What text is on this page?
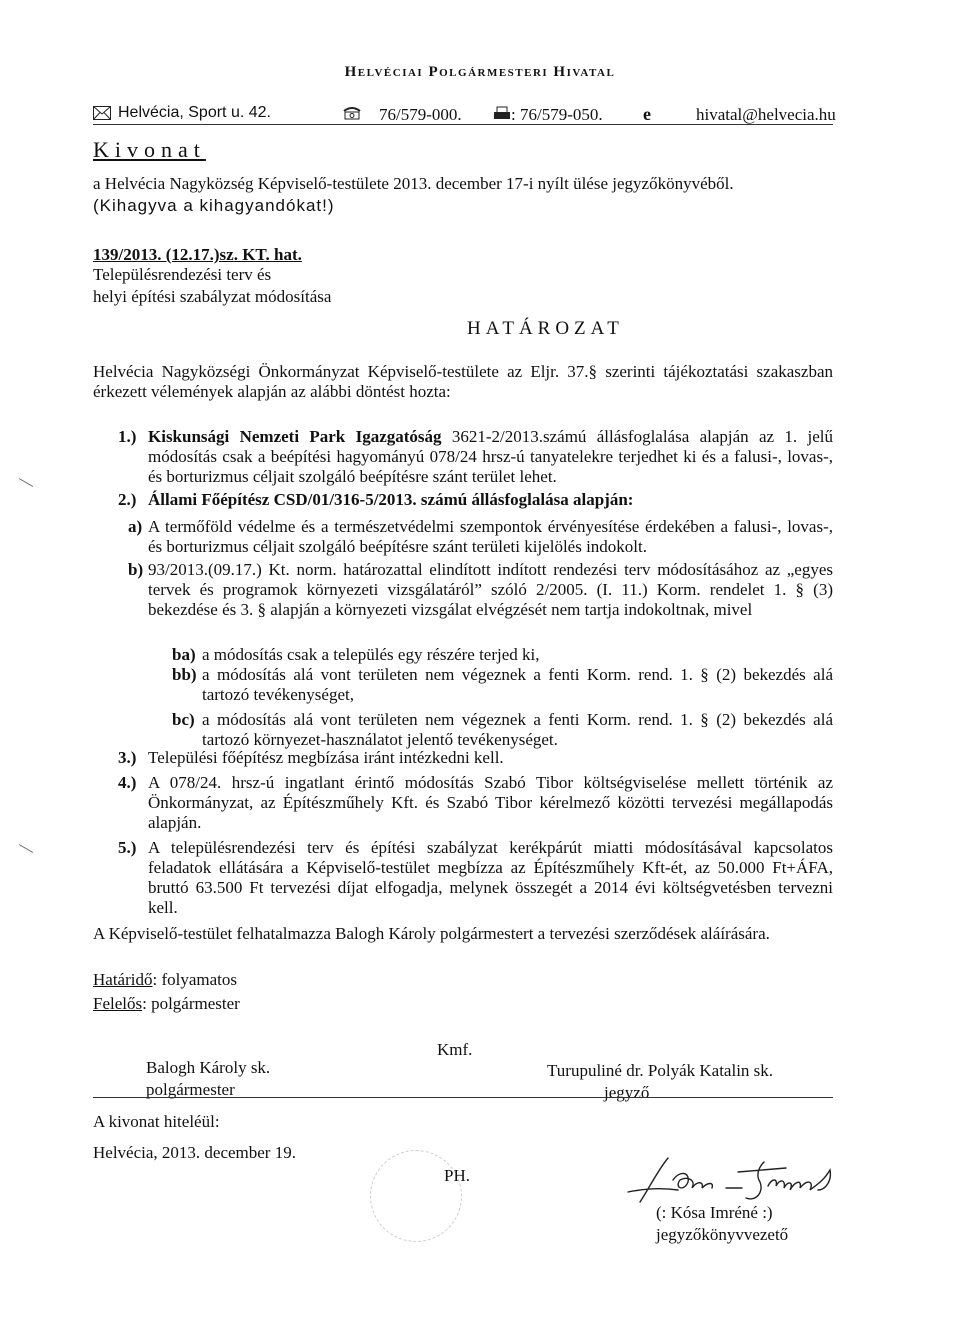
Helvéciai Polgármesteri Hivatal
Helvécia, Sport u. 42.	76/579-000.	: 76/579-050. e	hivatal@helvecia.hu
Kivonat
a Helvécia Nagyközség Képviselő-testülete 2013. december 17-i nyílt ülése jegyzőkönyvéből.
(Kihagyva a kihagyandókat!)
139/2013. (12.17.)sz. KT. hat.
Településrendezési terv és
helyi építési szabályzat módosítása
HATÁROZAT
Helvécia Nagyközségi Önkormányzat Képviselő-testülete az Eljr. 37.§ szerinti tájékoztatási szakaszban érkezett vélemények alapján az alábbi döntést hozta:
1.) Kiskunsági Nemzeti Park Igazgatóság 3621-2/2013.számú állásfoglalása alapján az 1. jelű módosítás csak a beépítési hagyományú 078/24 hrsz-ú tanyatelekre terjedhet ki és a falusi-, lovas-, és borturizmus céljait szolgáló beépítésre szánt terület lehet.
2.) Állami Főépítész CSD/01/316-5/2013. számú állásfoglalása alapján:
a) A termőföld védelme és a természetvédelmi szempontok érvényesítése érdekében a falusi-, lovas-, és borturizmus céljait szolgáló beépítésre szánt területi kijelölés indokolt.
b) 93/2013.(09.17.) Kt. norm. határozattal elindított indított rendezési terv módosításához az „egyes tervek és programok környezeti vizsgálatáról” szóló 2/2005. (I. 11.) Korm. rendelet 1. § (3) bekezdése és 3. § alapján a környezeti vizsgálat elvégzését nem tartja indokoltnak, mivel
ba) a módosítás csak a település egy részére terjed ki,
bb) a módosítás alá vont területen nem végeznek a fenti Korm. rend. 1. § (2) bekezdés alá tartozó tevékenységet,
bc) a módosítás alá vont területen nem végeznek a fenti Korm. rend. 1. § (2) bekezdés alá tartozó környezet-használatot jelentő tevékenységet.
3.) Települési főépítész megbízása iránt intézkedni kell.
4.) A 078/24. hrsz-ú ingatlant érintő módosítás Szabó Tibor költségviselése mellett történik az Önkormányzat, az Építészműhely Kft. és Szabó Tibor kérelmező közötti tervezési megállapodás alapján.
5.) A településrendezési terv és építési szabályzat kerékpárút miatti módosításával kapcsolatos feladatok ellátására a Képviselő-testület megbízza az Építészműhely Kft-ét, az 50.000 Ft+ÁFA, bruttó 63.500 Ft tervezési díjat elfogadja, melynek összegét a 2014 évi költségvetésben tervezni kell.
A Képviselő-testület felhatalmazza Balogh Károly polgármestert a tervezési szerződések aláírására.
Határidő: folyamatos
Felelős: polgármester
Kmf.
Balogh Károly sk.
polgármester
Turupuliné dr. Polyák Katalin sk.
jegyző
A kivonat hiteléül:
Helvécia, 2013. december 19.
PH.
(: Kósa Imréné :)
jegyzőkönyvvezető
